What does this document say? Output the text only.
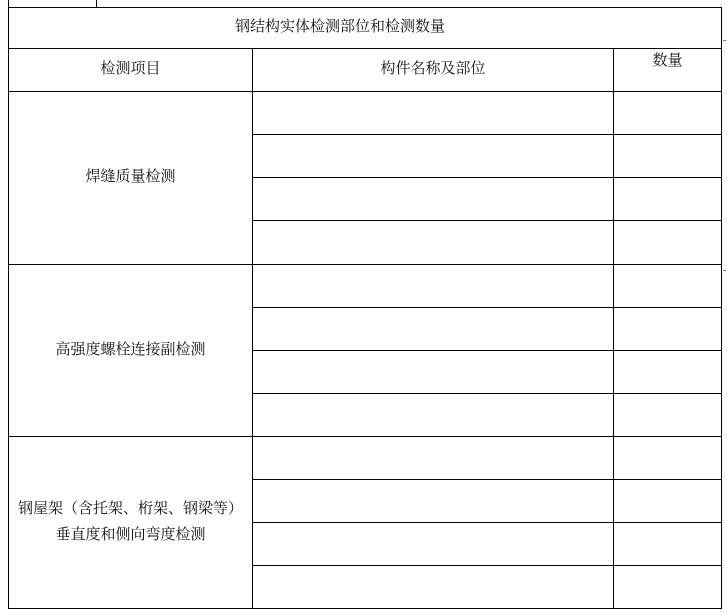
钢结构实体检测部位和检测数量
检测项目	构件名称及部位	数量
焊缝质量检测
高强度螺栓连接副检测
钢屋架（含托架、桁架、钢梁等）
垂直度和侧向弯度检测
